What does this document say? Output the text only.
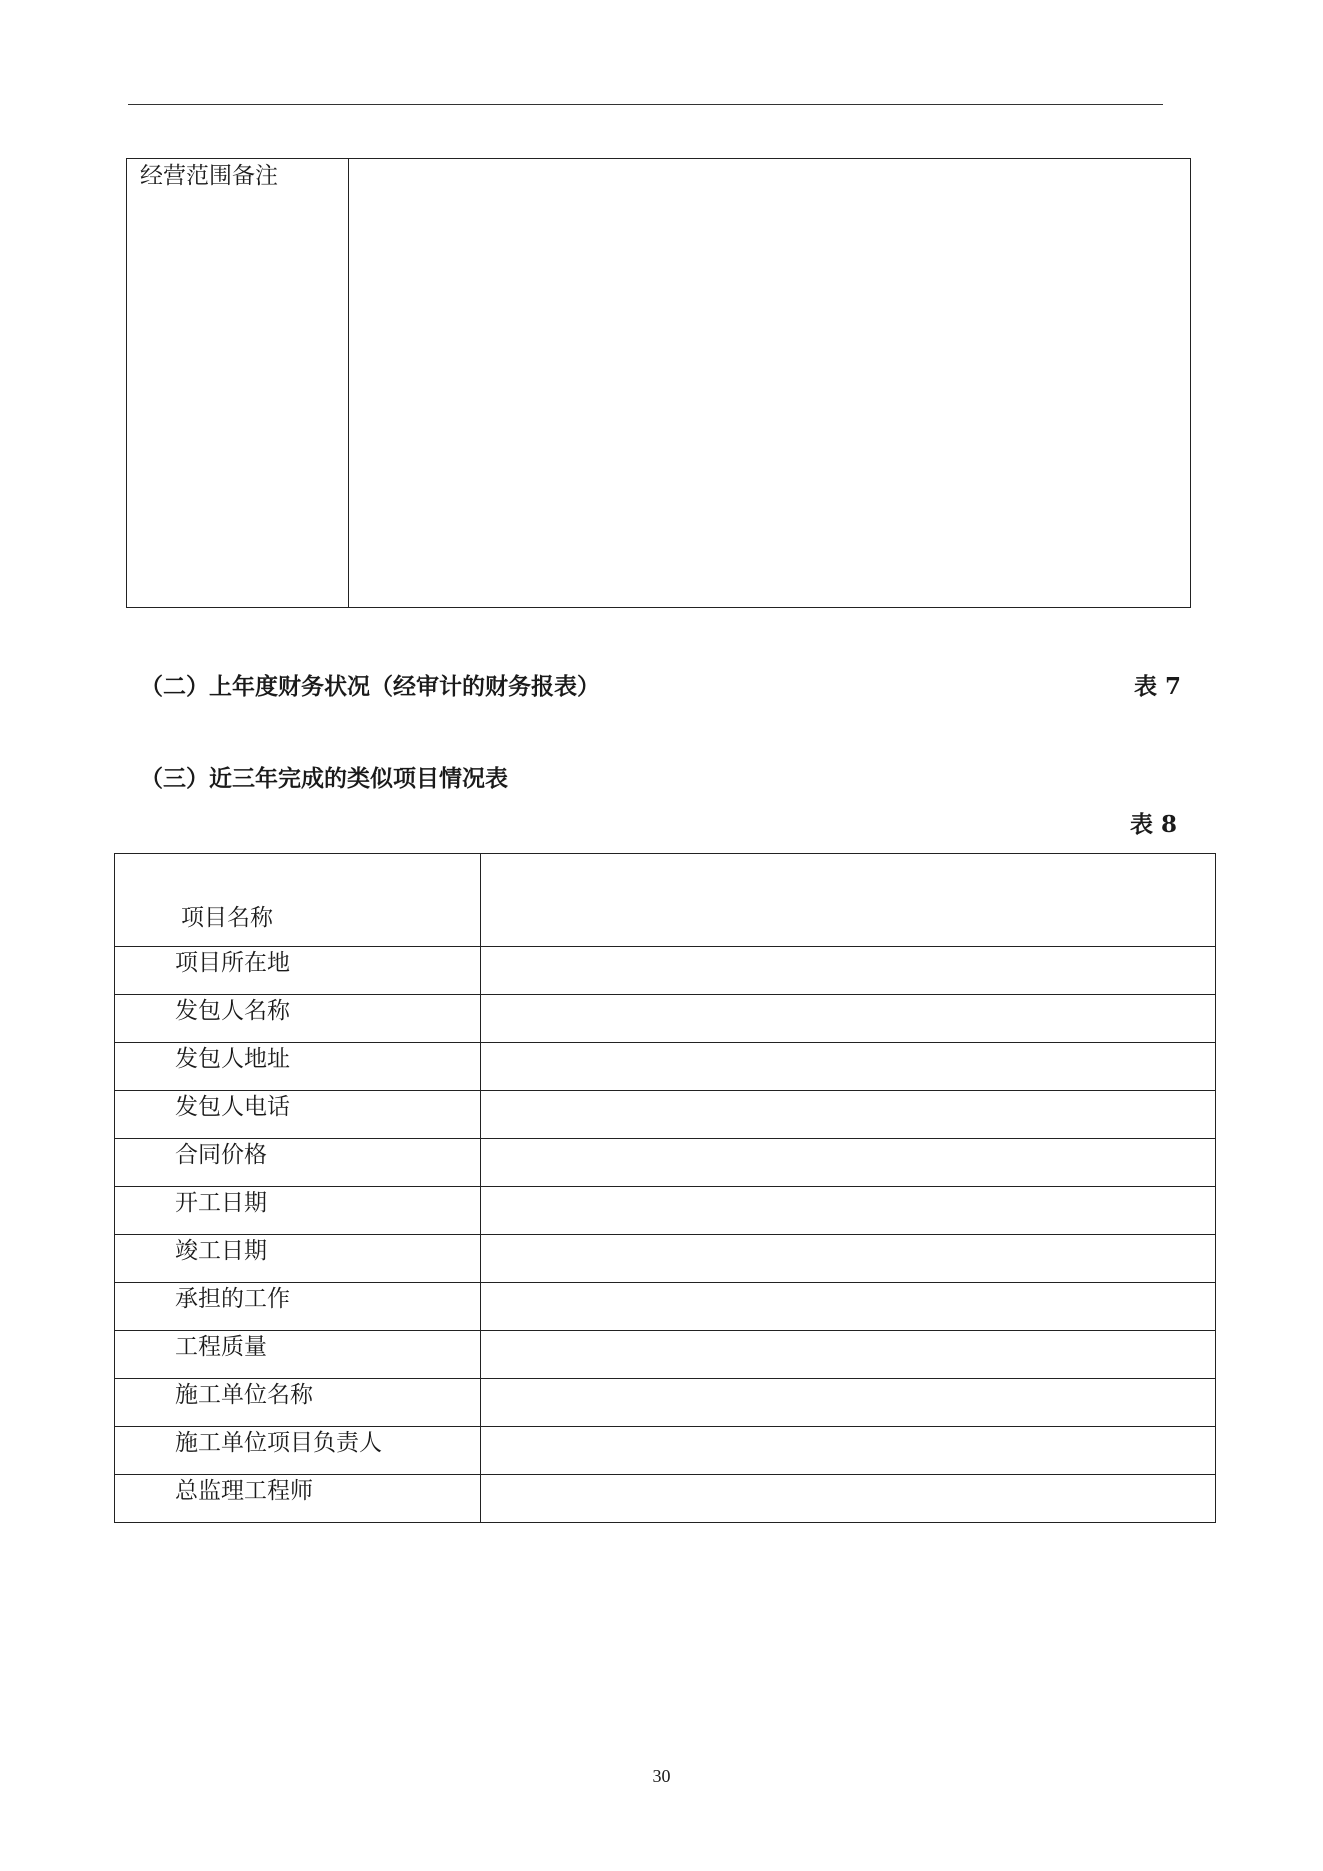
经营范围备注
（二）上年度财务状况（经审计的财务报表）	表 7
（三）近三年完成的类似项目情况表
表 8
项目名称	
项目所在地	
发包人名称	
发包人地址	
发包人电话	
合同价格	
开工日期	
竣工日期	
承担的工作	
工程质量	
施工单位名称	
施工单位项目负责人	
总监理工程师	
30
